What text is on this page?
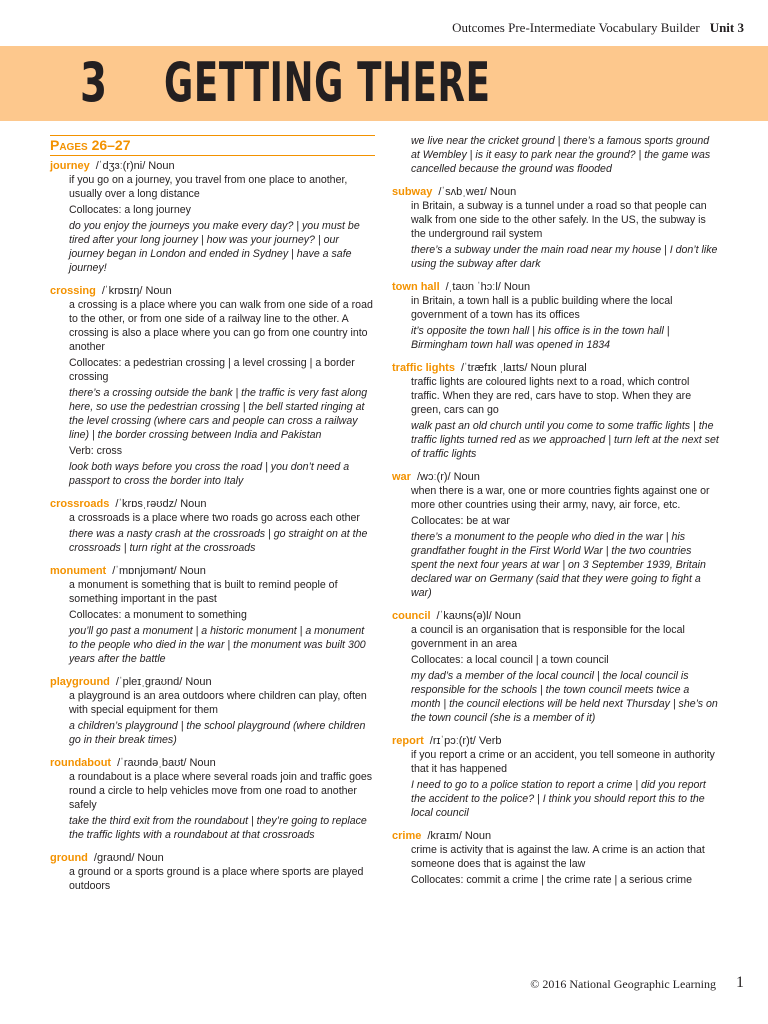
Outcomes Pre-Intermediate Vocabulary Builder Unit 3
3 GETTING THERE
Pages 26–27
journey /ˈdʒɜː(r)ni/ Noun

if you go on a journey, you travel from one place to another, usually over a long distance

Collocates: a long journey

do you enjoy the journeys you make every day? | you must be tired after your long journey | how was your journey? | our journey began in London and ended in Sydney | have a safe journey!

crossing /ˈkrɒsɪŋ/ Noun

a crossing is a place where you can walk from one side of a road to the other, or from one side of a railway line to the other. A crossing is also a place where you can go from one country into another

Collocates: a pedestrian crossing | a level crossing | a border crossing

there’s a crossing outside the bank | the traffic is very fast along here, so use the pedestrian crossing | the bell started ringing at the level crossing (where cars and people can cross a railway line) | the border crossing between India and Pakistan

Verb: cross

look both ways before you cross the road | you don’t need a passport to cross the border into Italy

crossroads /ˈkrɒsˌrəʊdz/ Noun

a crossroads is a place where two roads go across each other

there was a nasty crash at the crossroads | go straight on at the crossroads | turn right at the crossroads

monument /ˈmɒnjʊmənt/ Noun

a monument is something that is built to remind people of something important in the past

Collocates: a monument to something

you’ll go past a monument | a historic monument | a monument to the people who died in the war | the monument was built 300 years after the battle

playground /ˈpleɪˌɡraʊnd/ Noun

a playground is an area outdoors where children can play, often with special equipment for them

a children’s playground | the school playground (where children go in their break times)

roundabout /ˈraʊndəˌbaʊt/ Noun

a roundabout is a place where several roads join and traffic goes round a circle to help vehicles move from one road to another safely

take the third exit from the roundabout | they’re going to replace the traffic lights with a roundabout at that crossroads

ground /ɡraʊnd/ Noun

a ground or a sports ground is a place where sports are played outdoors

we live near the cricket ground | there’s a famous sports ground at Wembley | is it easy to park near the ground? | the game was cancelled because the ground was flooded

subway /ˈsʌbˌweɪ/ Noun

in Britain, a subway is a tunnel under a road so that people can walk from one side to the other safely. In the US, the subway is the underground rail system

there’s a subway under the main road near my house | I don’t like using the subway after dark

town hall /ˌtaʊn ˈhɔːl/ Noun

in Britain, a town hall is a public building where the local government of a town has its offices

it’s opposite the town hall | his office is in the town hall | Birmingham town hall was opened in 1834

traffic lights /ˈtræfɪk ˌlaɪts/ Noun plural

traffic lights are coloured lights next to a road, which control traffic. When they are red, cars have to stop. When they are green, cars can go

walk past an old church until you come to some traffic lights | the traffic lights turned red as we approached | turn left at the next set of traffic lights

war /wɔː(r)/ Noun

when there is a war, one or more countries fights against one or more other countries using their army, navy, air force, etc.

Collocates: be at war

there’s a monument to the people who died in the war | his grandfather fought in the First World War | the two countries spent the next four years at war | on 3 September 1939, Britain declared war on Germany (said that they were going to fight a war)

council /ˈkaʊns(ə)l/ Noun

a council is an organisation that is responsible for the local government in an area

Collocates: a local council | a town council

my dad’s a member of the local council | the local council is responsible for the schools | the town council meets twice a month | the council elections will be held next Thursday | she’s on the town council (she is a member of it)

report /rɪˈpɔː(r)t/ Verb

if you report a crime or an accident, you tell someone in authority that it has happened

I need to go to a police station to report a crime | did you report the accident to the police? | I think you should report this to the local council

crime /kraɪm/ Noun

crime is activity that is against the law. A crime is an action that someone does that is against the law

Collocates: commit a crime | the crime rate | a serious crime

© 2016 National Geographic Learning 1
